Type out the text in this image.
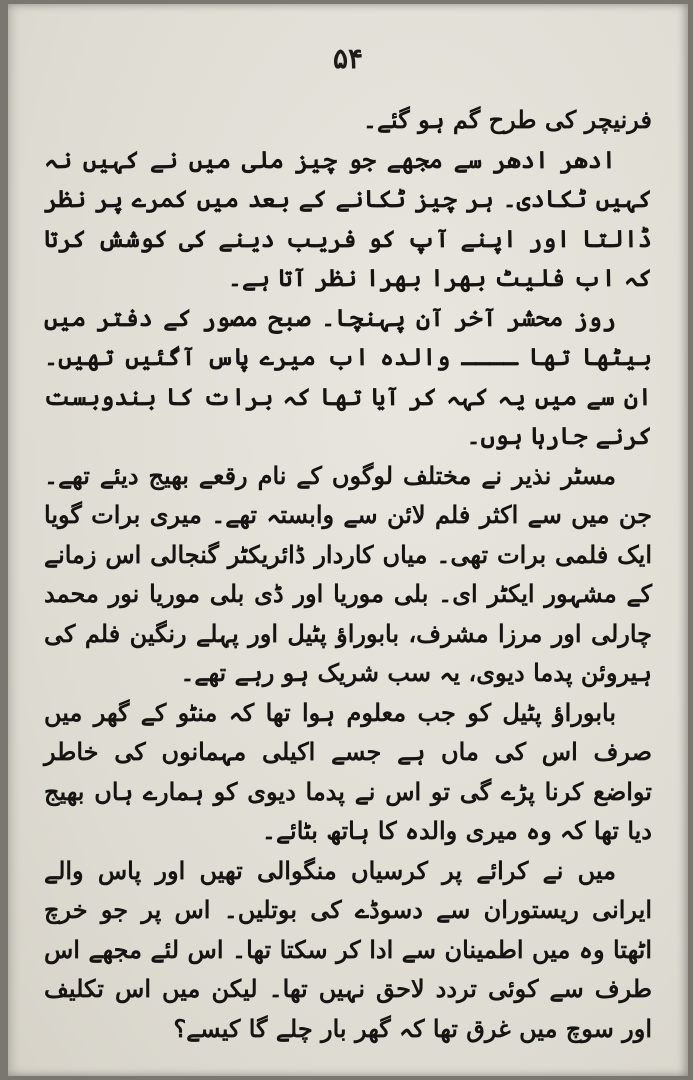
۵۴

فرنیچر کی طرح گم ہو گئے۔

ادھر ادھر سے مجھے جو چیز ملی میں نے کہیں نہ کہیں ٹکادی۔ ہر چیز ٹکانے کے بعد میں کمرے پر نظر ڈالتا اور اپنے آپ کو فریب دینے کی کوشش کرتا کہ اب فلیٹ بھرا بھرا نظر آتا ہے۔

روز محشر آخر آن پہنچا۔ صبح مصور کے دفتر میں بیٹھا تھا ــــ والدہ اب میرے پاس آگئیں تھیں۔ ان سے میں یہ کہہ کر آیا تھا کہ برات کا بندوبست کرنے جارہا ہوں۔

مسٹر نذیر نے مختلف لوگوں کے نام رقعے بھیج دیئے تھے۔ جن میں سے اکثر فلم لائن سے وابستہ تھے۔ میری برات گویا ایک فلمی برات تھی۔ میاں کاردار ڈائریکٹر گنجالی اس زمانے کے مشہور ایکٹر ای۔ بلی موریا اور ڈی بلی موریا نور محمد چارلی اور مرزا مشرف، بابوراؤ پٹیل اور پہلے رنگین فلم کی ہیروئن پدما دیوی، یہ سب شریک ہو رہے تھے۔

بابوراؤ پٹیل کو جب معلوم ہوا تھا کہ منٹو کے گھر میں صرف اس کی ماں ہے جسے اکیلی مہمانوں کی خاطر تواضع کرنا پڑے گی تو اس نے پدما دیوی کو ہمارے ہاں بھیج دیا تھا کہ وہ میری والدہ کا ہاتھ بٹائے۔

میں نے کرائے پر کرسیاں منگوالی تھیں اور پاس والے ایرانی ریستوران سے دسوڈے کی بوتلیں۔ اس پر جو خرچ اٹھتا وہ میں اطمینان سے ادا کر سکتا تھا۔ اس لئے مجھے اس طرف سے کوئی تردد لاحق نہیں تھا۔ لیکن میں اس تکلیف اور سوچ میں غرق تھا کہ گھر بار چلے گا کیسے؟
